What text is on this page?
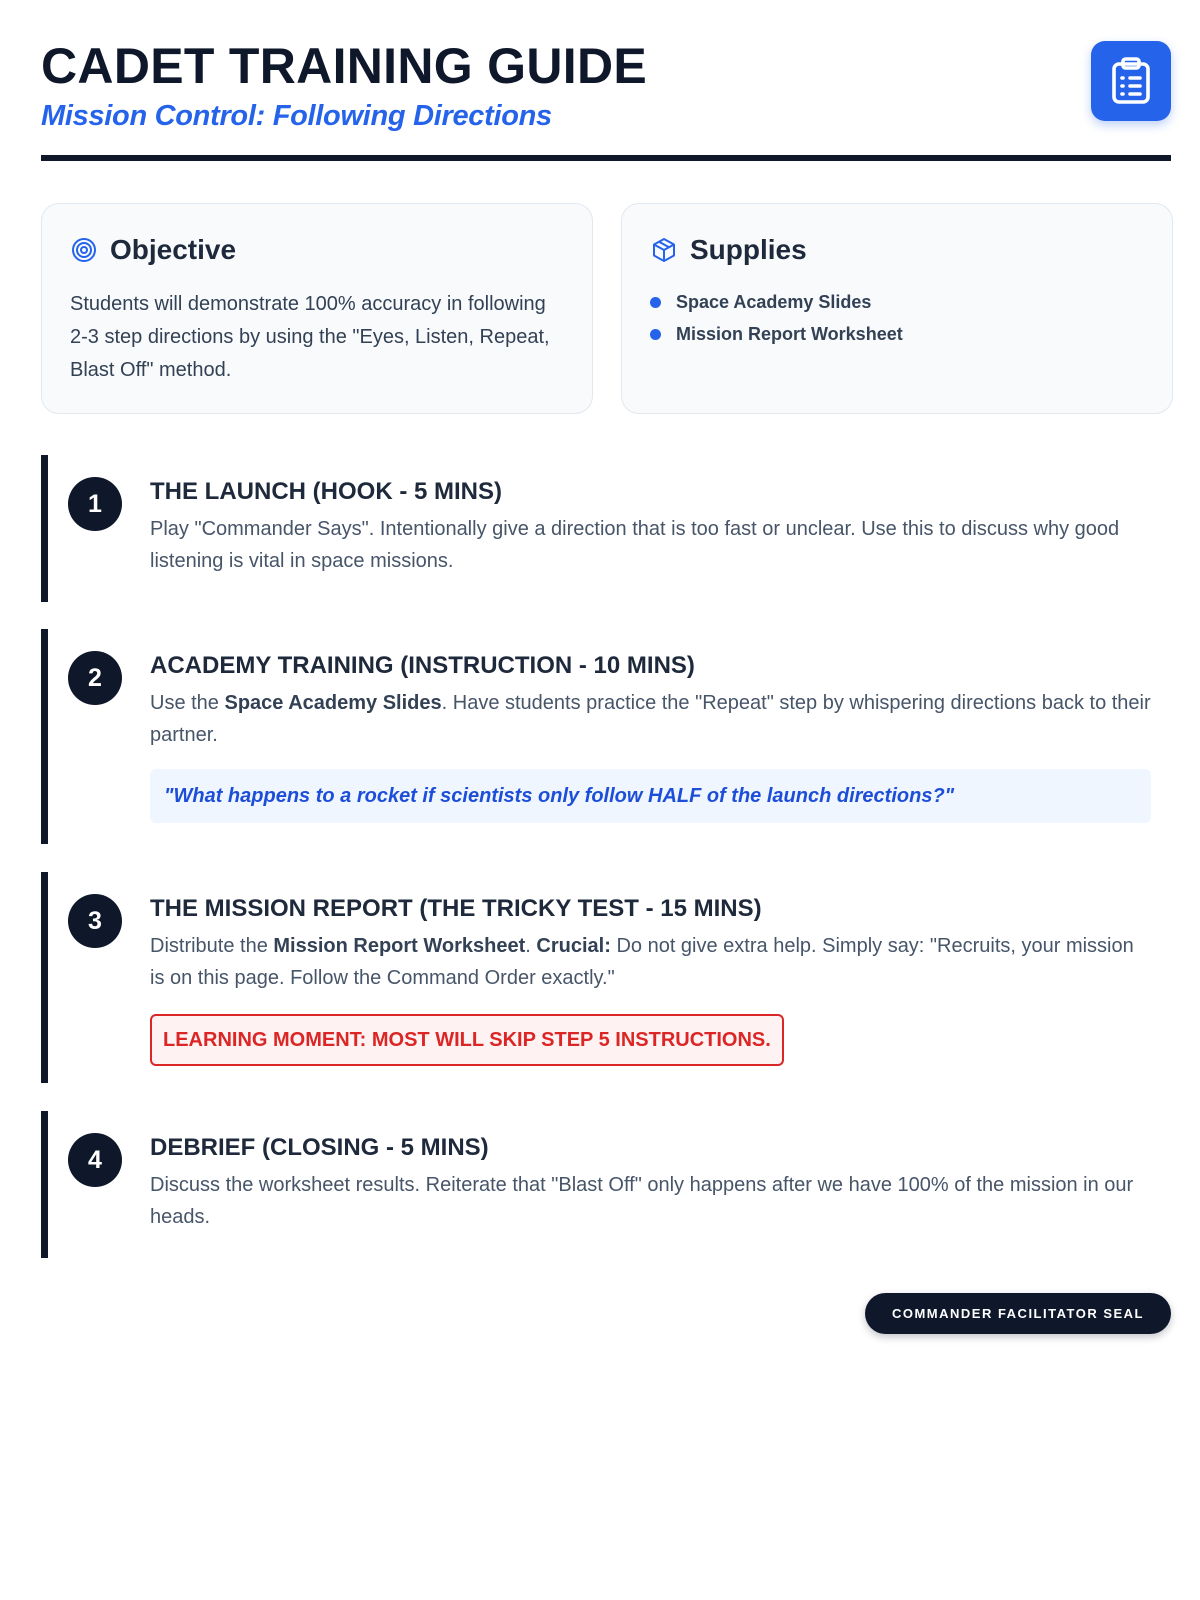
CADET TRAINING GUIDE
Mission Control: Following Directions
Objective

Students will demonstrate 100% accuracy in following 2-3 step directions by using the "Eyes, Listen, Repeat, Blast Off" method.

Supplies
Space Academy Slides
Mission Report Worksheet
1	THE LAUNCH (HOOK - 5 MINS)

Play "Commander Says". Intentionally give a direction that is too fast or unclear. Use this to discuss why good listening is vital in space missions.

2	ACADEMY TRAINING (INSTRUCTION - 10 MINS)

Use the Space Academy Slides. Have students practice the "Repeat" step by whispering directions back to their partner.

"What happens to a rocket if scientists only follow HALF of the launch directions?"
3	THE MISSION REPORT (THE TRICKY TEST - 15 MINS)

Distribute the Mission Report Worksheet. Crucial: Do not give extra help. Simply say: "Recruits, your mission is on this page. Follow the Command Order exactly."

LEARNING MOMENT: MOST WILL SKIP STEP 5 INSTRUCTIONS.
4	DEBRIEF (CLOSING - 5 MINS)

Discuss the worksheet results. Reiterate that "Blast Off" only happens after we have 100% of the mission in our heads.

COMMANDER FACILITATOR SEAL
